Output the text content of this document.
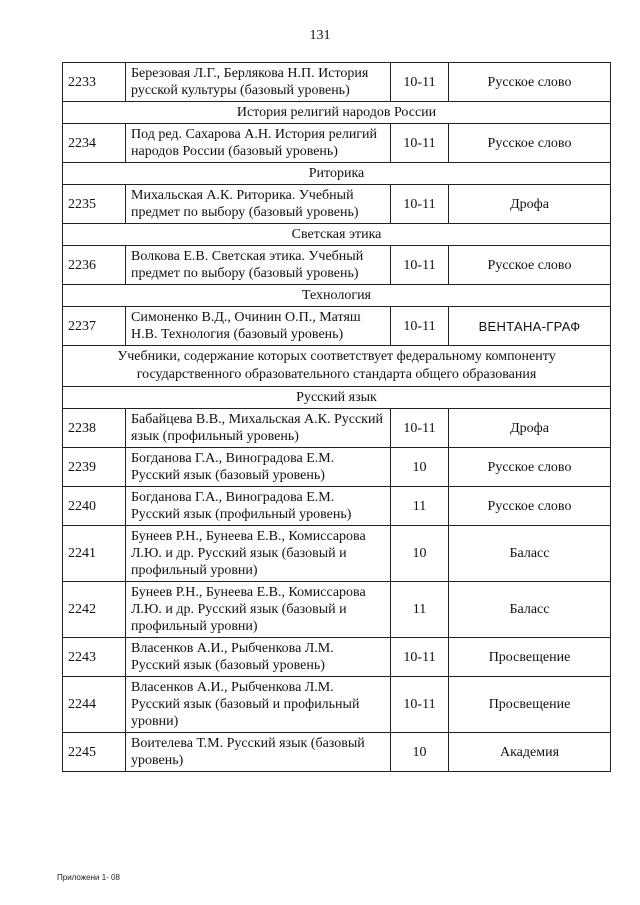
131
2233	Березовая Л.Г., Берлякова Н.П. История русской культуры (базовый уровень)	10-11	Русское слово
История религий народов России			
2234	Под ред. Сахарова А.Н. История религий народов России (базовый уровень)	10-11	Русское слово
Риторика			
2235	Михальская А.К. Риторика. Учебный предмет по выбору (базовый уровень)	10-11	Дрофа
Светская этика			
2236	Волкова Е.В. Светская этика. Учебный предмет по выбору (базовый уровень)	10-11	Русское слово
Технология			
2237	Симоненко В.Д., Очинин О.П., Матяш Н.В. Технология (базовый уровень)	10-11	ВЕНТАНА-ГРАФ
Учебники, содержание которых соответствует федеральному компоненту государственного образовательного стандарта общего образования			
Русский язык			
2238	Бабайцева В.В., Михальская А.К. Русский язык (профильный уровень)	10-11	Дрофа
2239	Богданова Г.А., Виноградова Е.М. Русский язык (базовый уровень)	10	Русское слово
2240	Богданова Г.А., Виноградова Е.М. Русский язык (профильный уровень)	11	Русское слово
2241	Бунеев Р.Н., Бунеева Е.В., Комиссарова Л.Ю. и др. Русский язык (базовый и профильный уровни)	10	Баласс
2242	Бунеев Р.Н., Бунеева Е.В., Комиссарова Л.Ю. и др. Русский язык (базовый и профильный уровни)	11	Баласс
2243	Власенков А.И., Рыбченкова Л.М. Русский язык (базовый уровень)	10-11	Просвещение
2244	Власенков А.И., Рыбченкова Л.М. Русский язык (базовый и профильный уровни)	10-11	Просвещение
2245	Воителева Т.М. Русский язык (базовый уровень)	10	Академия
Приложени 1- 08
